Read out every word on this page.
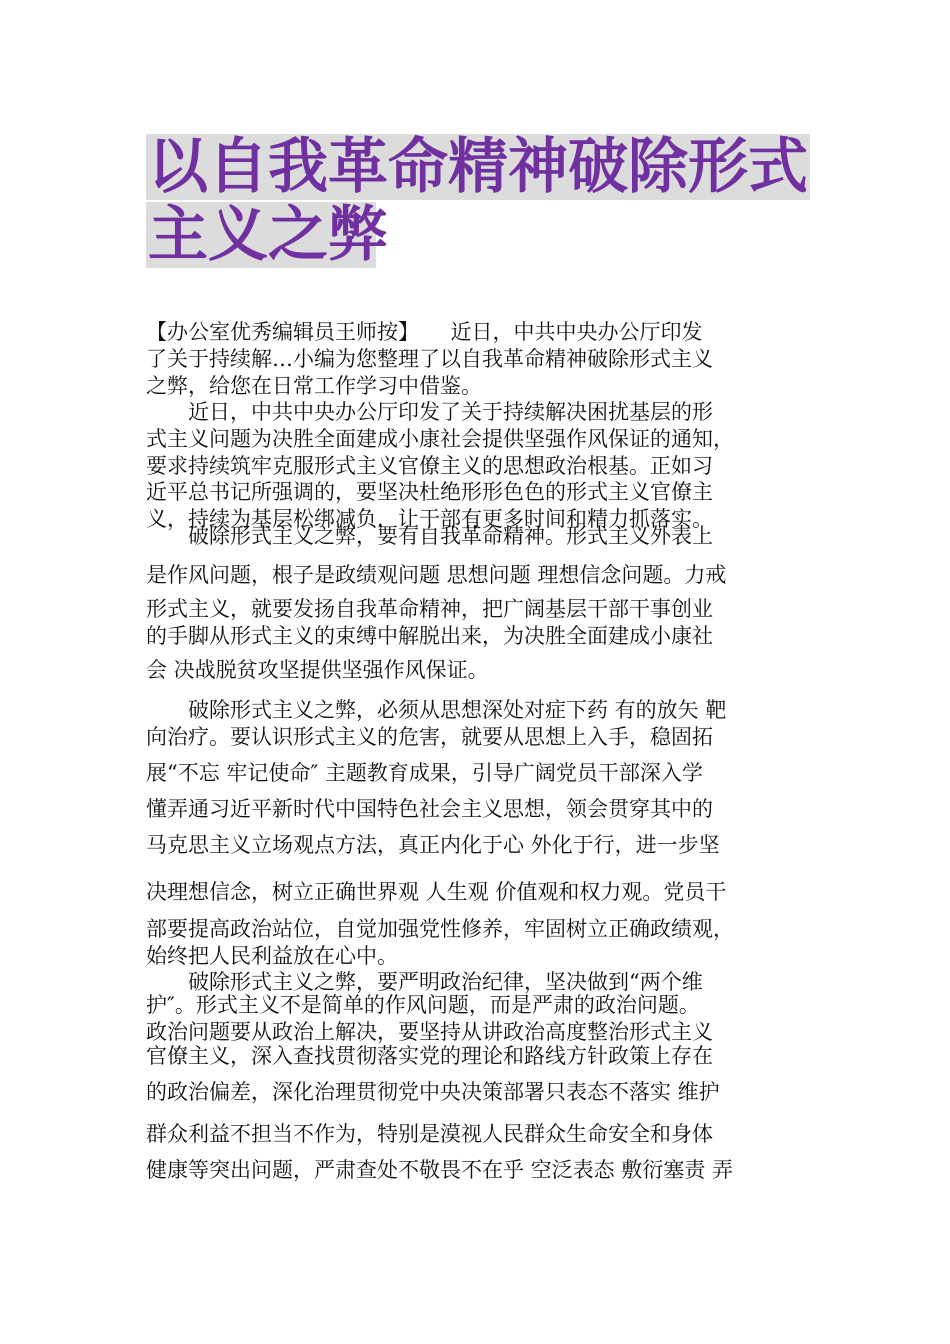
以自我革命精神破除形式
主义之弊
【办公室优秀编辑员王师按】　　近日，中共中央办公厅印发
了关于持续解…小编为您整理了以自我革命精神破除形式主义
之弊，给您在日常工作学习中借鉴。
　　近日，中共中央办公厅印发了关于持续解决困扰基层的形
式主义问题为决胜全面建成小康社会提供坚强作风保证的通知，
要求持续筑牢克服形式主义官僚主义的思想政治根基。正如习
近平总书记所强调的，要坚决杜绝形形色色的形式主义官僚主
义，持续为基层松绑减负，让干部有更多时间和精力抓落实。
　　破除形式主义之弊，要有自我革命精神。形式主义外表上
是作风问题，根子是政绩观问题 思想问题 理想信念问题。力戒
形式主义，就要发扬自我革命精神，把广阔基层干部干事创业
的手脚从形式主义的束缚中解脱出来，为决胜全面建成小康社
会 决战脱贫攻坚提供坚强作风保证。
　　破除形式主义之弊，必须从思想深处对症下药 有的放矢 靶
向治疗。要认识形式主义的危害，就要从思想上入手，稳固拓
展“不忘 牢记使命″ 主题教育成果，引导广阔党员干部深入学
懂弄通习近平新时代中国特色社会主义思想，领会贯穿其中的
马克思主义立场观点方法，真正内化于心 外化于行，进一步坚
决理想信念，树立正确世界观 人生观 价值观和权力观。党员干
部要提高政治站位，自觉加强党性修养，牢固树立正确政绩观，
始终把人民利益放在心中。
　　破除形式主义之弊，要严明政治纪律，坚决做到“两个维
护″。形式主义不是简单的作风问题，而是严肃的政治问题。
政治问题要从政治上解决，要坚持从讲政治高度整治形式主义
官僚主义，深入查找贯彻落实党的理论和路线方针政策上存在
的政治偏差，深化治理贯彻党中央决策部署只表态不落实 维护
群众利益不担当不作为，特别是漠视人民群众生命安全和身体
健康等突出问题，严肃查处不敬畏不在乎 空泛表态 敷衍塞责 弄
